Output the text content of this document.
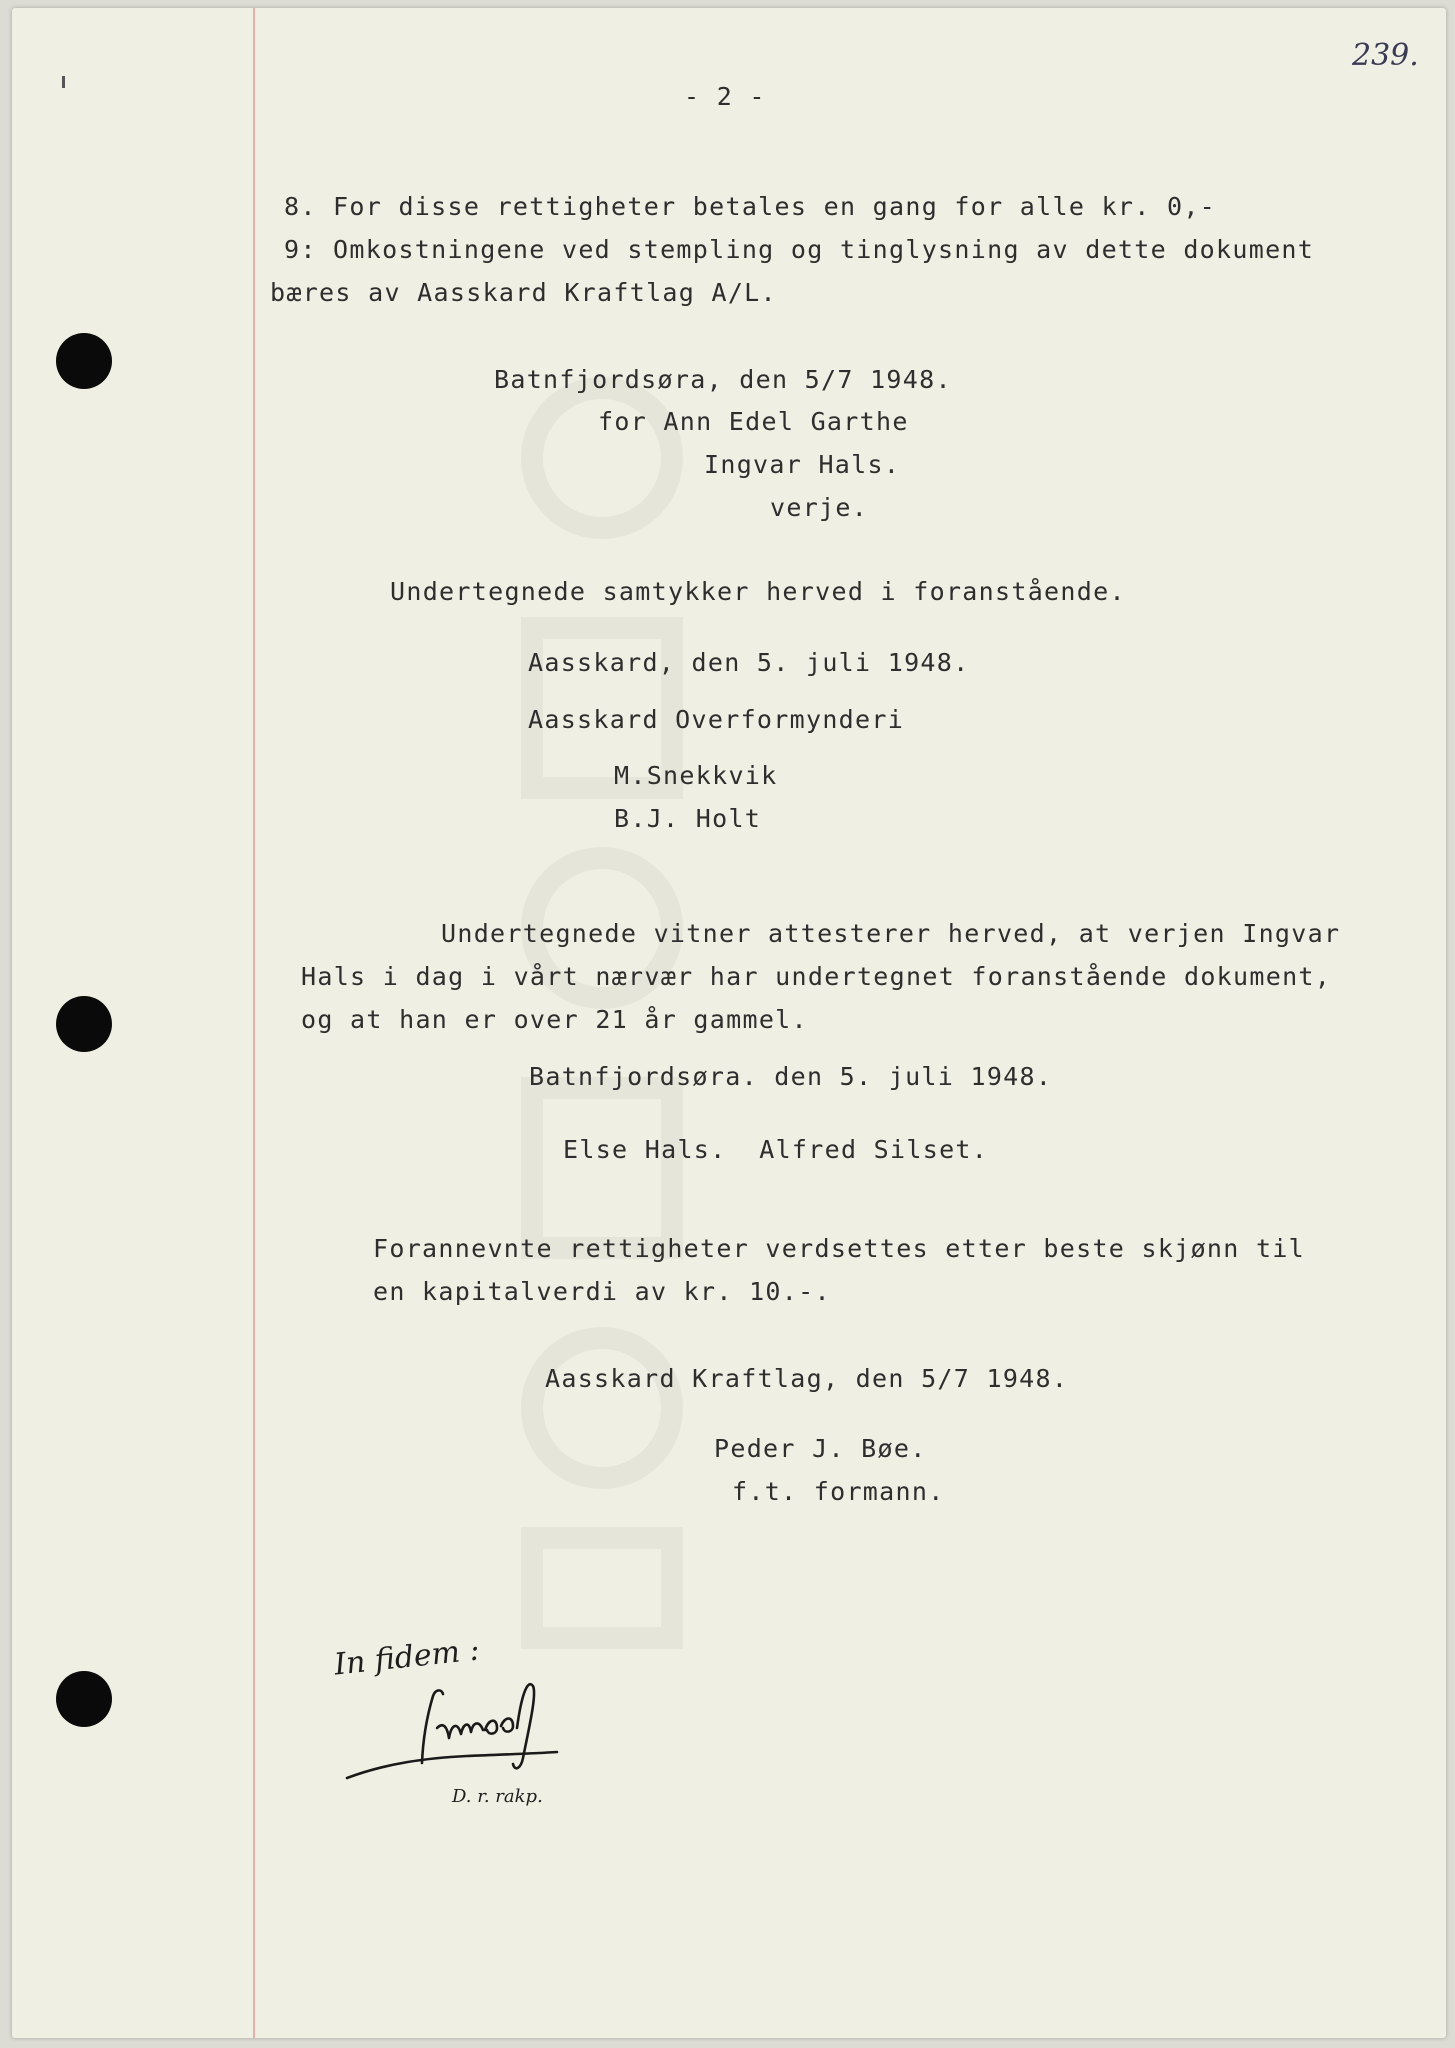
239.
- 2 -
8. For disse rettigheter betales en gang for alle kr. 0,-
9: Omkostningene ved stempling og tinglysning av dette dokument
bæres av Aasskard Kraftlag A/L.
Batnfjordsøra, den 5/7 1948.
for Ann Edel Garthe
Ingvar Hals.
verje.
Undertegnede samtykker herved i foranstående.
Aasskard, den 5. juli 1948.
Aasskard Overformynderi
M.Snekkvik
B.J. Holt
Undertegnede vitner attesterer herved, at verjen Ingvar
Hals i dag i vårt nærvær har undertegnet foranstående dokument,
og at han er over 21 år gammel.
Batnfjordsøra. den 5. juli 1948.
Else Hals.  Alfred Silset.
Forannevnte rettigheter verdsettes etter beste skjønn til
en kapitalverdi av kr. 10.-.
Aasskard Kraftlag, den 5/7 1948.
Peder J. Bøe.
f.t. formann.
In fidem :
D. r. rakp.
